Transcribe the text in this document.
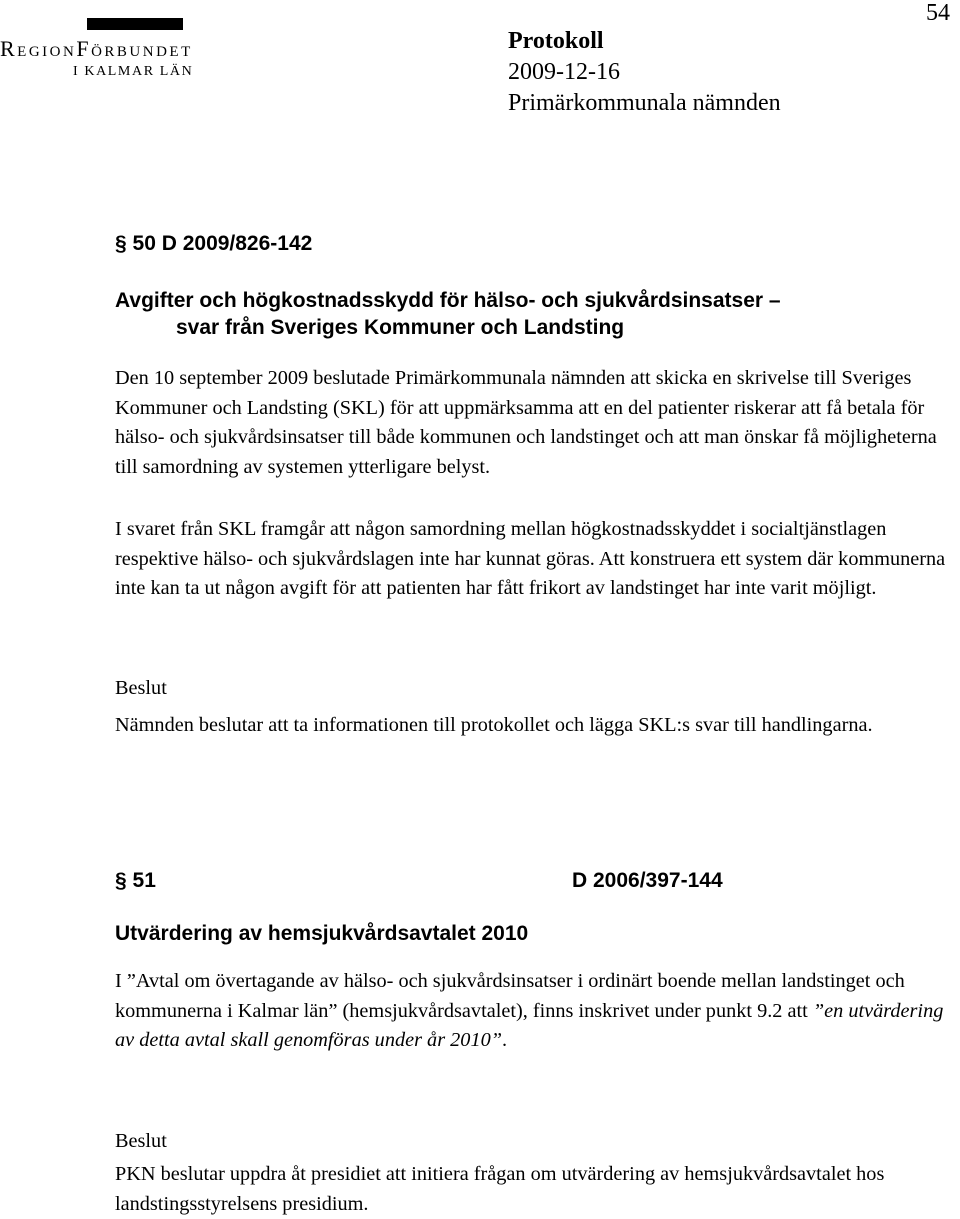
RegionFörbundet
I KALMAR LÄN
54
Protokoll
2009-12-16
Primärkommunala nämnden
§ 50 D 2009/826-142
Avgifter och högkostnadsskydd för hälso- och sjukvårdsinsatser –
svar från Sveriges Kommuner och Landsting

Den 10 september 2009 beslutade Primärkommunala nämnden att skicka en skrivelse till Sveriges Kommuner och Landsting (SKL) för att uppmärksamma att en del patienter riskerar att få betala för hälso- och sjukvårdsinsatser till både kommunen och landstinget och att man önskar få möjligheterna till samordning av systemen ytterligare belyst.

I svaret från SKL framgår att någon samordning mellan högkostnadsskyddet i socialtjänstlagen respektive hälso- och sjukvårdslagen inte har kunnat göras. Att konstruera ett system där kommunerna inte kan ta ut någon avgift för att patienten har fått frikort av landstinget har inte varit möjligt.

Beslut

Nämnden beslutar att ta informationen till protokollet och lägga SKL:s svar till handlingarna.

§ 51	D 2006/397-144
Utvärdering av hemsjukvårdsavtalet 2010

I ”Avtal om övertagande av hälso- och sjukvårdsinsatser i ordinärt boende mellan landstinget och kommunerna i Kalmar län” (hemsjukvårdsavtalet), finns inskrivet under punkt 9.2 att ”en utvärdering av detta avtal skall genomföras under år 2010”.

Beslut

PKN beslutar uppdra åt presidiet att initiera frågan om utvärdering av hemsjukvårdsavtalet hos landstingsstyrelsens presidium.
